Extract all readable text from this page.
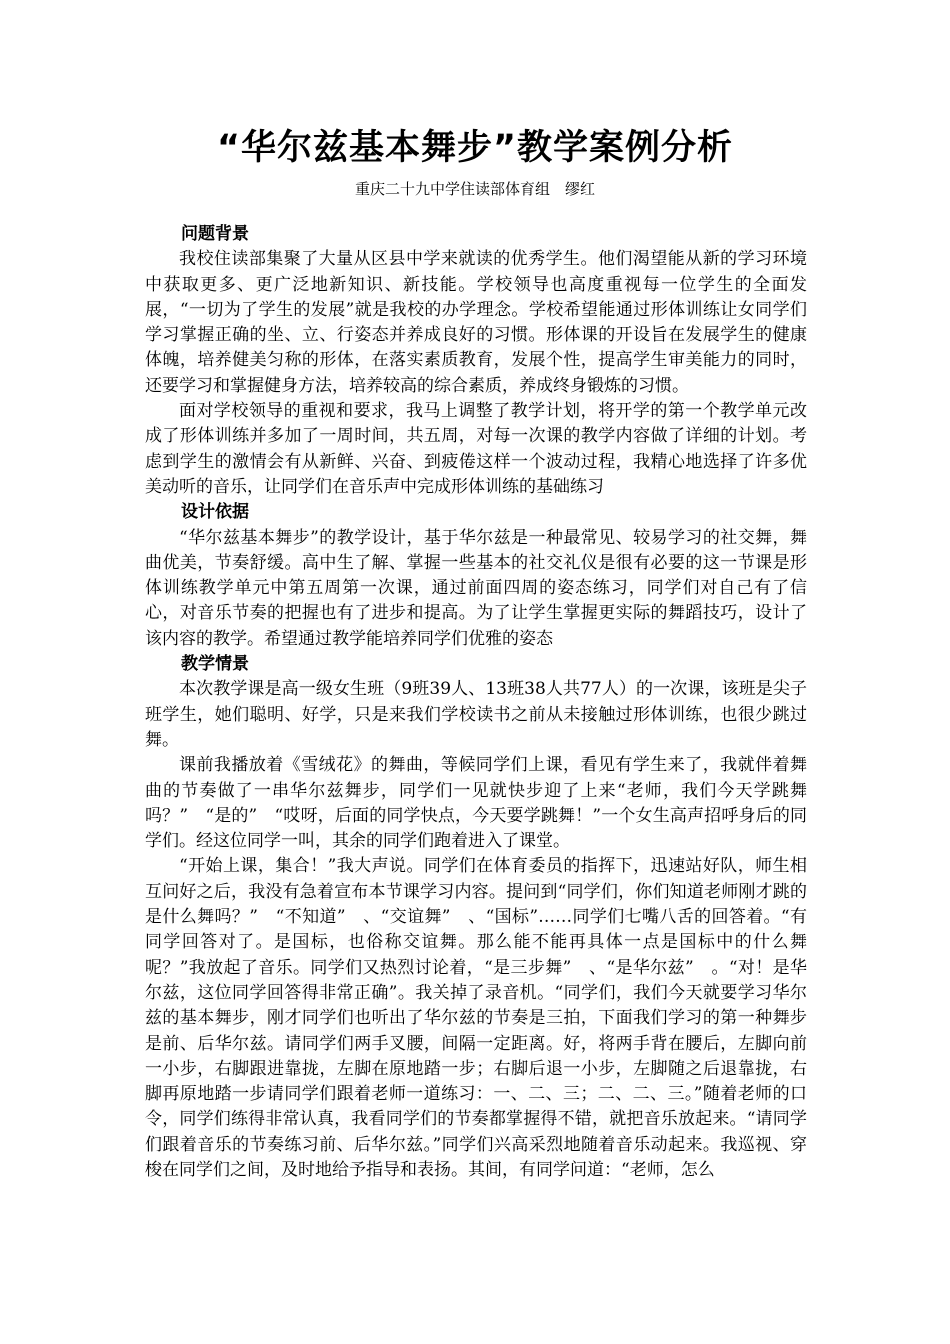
“华尔兹基本舞步”教学案例分析
重庆二十九中学住读部体育组　缪红

问题背景

我校住读部集聚了大量从区县中学来就读的优秀学生。他们渴望能从新的学习环境中获取更多、更广泛地新知识、新技能。学校领导也高度重视每一位学生的全面发展，“一切为了学生的发展”就是我校的办学理念。学校希望能通过形体训练让女同学们学习掌握正确的坐、立、行姿态并养成良好的习惯。形体课的开设旨在发展学生的健康体魄，培养健美匀称的形体，在落实素质教育，发展个性，提高学生审美能力的同时，还要学习和掌握健身方法，培养较高的综合素质，养成终身锻炼的习惯。

面对学校领导的重视和要求，我马上调整了教学计划，将开学的第一个教学单元改成了形体训练并多加了一周时间，共五周，对每一次课的教学内容做了详细的计划。考虑到学生的激情会有从新鲜、兴奋、到疲倦这样一个波动过程，我精心地选择了许多优美动听的音乐，让同学们在音乐声中完成形体训练的基础练习

设计依据

“华尔兹基本舞步”的教学设计，基于华尔兹是一种最常见、较易学习的社交舞，舞曲优美，节奏舒缓。高中生了解、掌握一些基本的社交礼仪是很有必要的这一节课是形体训练教学单元中第五周第一次课，通过前面四周的姿态练习，同学们对自己有了信心，对音乐节奏的把握也有了进步和提高。为了让学生掌握更实际的舞蹈技巧，设计了该内容的教学。希望通过教学能培养同学们优雅的姿态

教学情景

本次教学课是高一级女生班（9班39人、13班38人共77人）的一次课，该班是尖子班学生，她们聪明、好学，只是来我们学校读书之前从未接触过形体训练，也很少跳过舞。

课前我播放着《雪绒花》的舞曲，等候同学们上课，看见有学生来了，我就伴着舞曲的节奏做了一串华尔兹舞步，同学们一见就快步迎了上来“老师，我们今天学跳舞吗？”　“是的”　“哎呀，后面的同学快点，今天要学跳舞！”一个女生高声招呼身后的同学们。经这位同学一叫，其余的同学们跑着进入了课堂。

“开始上课，集合！”我大声说。同学们在体育委员的指挥下，迅速站好队，师生相互问好之后，我没有急着宣布本节课学习内容。提问到“同学们，你们知道老师刚才跳的是什么舞吗？”　“不知道”　、“交谊舞”　、“国标”……同学们七嘴八舌的回答着。“有同学回答对了。是国标，也俗称交谊舞。那么能不能再具体一点是国标中的什么舞呢？”我放起了音乐。同学们又热烈讨论着，“是三步舞”　、“是华尔兹”　。“对！是华尔兹，这位同学回答得非常正确”。我关掉了录音机。“同学们，我们今天就要学习华尔兹的基本舞步，刚才同学们也听出了华尔兹的节奏是三拍，下面我们学习的第一种舞步是前、后华尔兹。请同学们两手叉腰，间隔一定距离。好，将两手背在腰后，左脚向前一小步，右脚跟进靠拢，左脚在原地踏一步；右脚后退一小步，左脚随之后退靠拢，右脚再原地踏一步请同学们跟着老师一道练习：一、二、三；二、二、三。”随着老师的口令，同学们练得非常认真，我看同学们的节奏都掌握得不错，就把音乐放起来。“请同学们跟着音乐的节奏练习前、后华尔兹。”同学们兴高采烈地随着音乐动起来。我巡视、穿梭在同学们之间，及时地给予指导和表扬。其间，有同学问道：“老师，怎么
